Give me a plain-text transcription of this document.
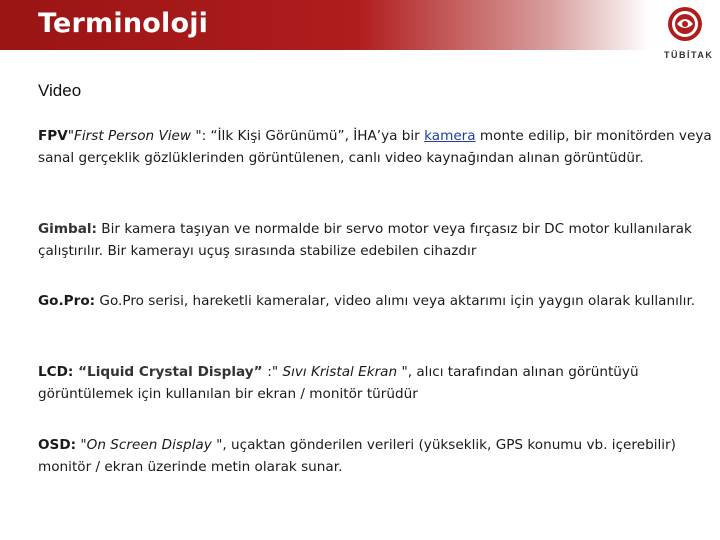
Terminoloji
TÜBİTAK
Video
FPV"First Person View ": “İlk Kişi Görünümü”, İHA’ya bir kamera monte edilip, bir monitörden veya sanal gerçeklik gözlüklerinden görüntülenen, canlı video kaynağından alınan görüntüdür.
Gimbal: Bir kamera taşıyan ve normalde bir servo motor veya fırçasız bir DC motor kullanılarak çalıştırılır. Bir kamerayı uçuş sırasında stabilize edebilen cihazdır
Go.Pro: Go.Pro serisi, hareketli kameralar, video alımı veya aktarımı için yaygın olarak kullanılır.
LCD: “Liquid Crystal Display” :" Sıvı Kristal Ekran ", alıcı tarafından alınan görüntüyü görüntülemek için kullanılan bir ekran / monitör türüdür
OSD: "On Screen Display ", uçaktan gönderilen verileri (yükseklik, GPS konumu vb. içerebilir) monitör / ekran üzerinde metin olarak sunar.
